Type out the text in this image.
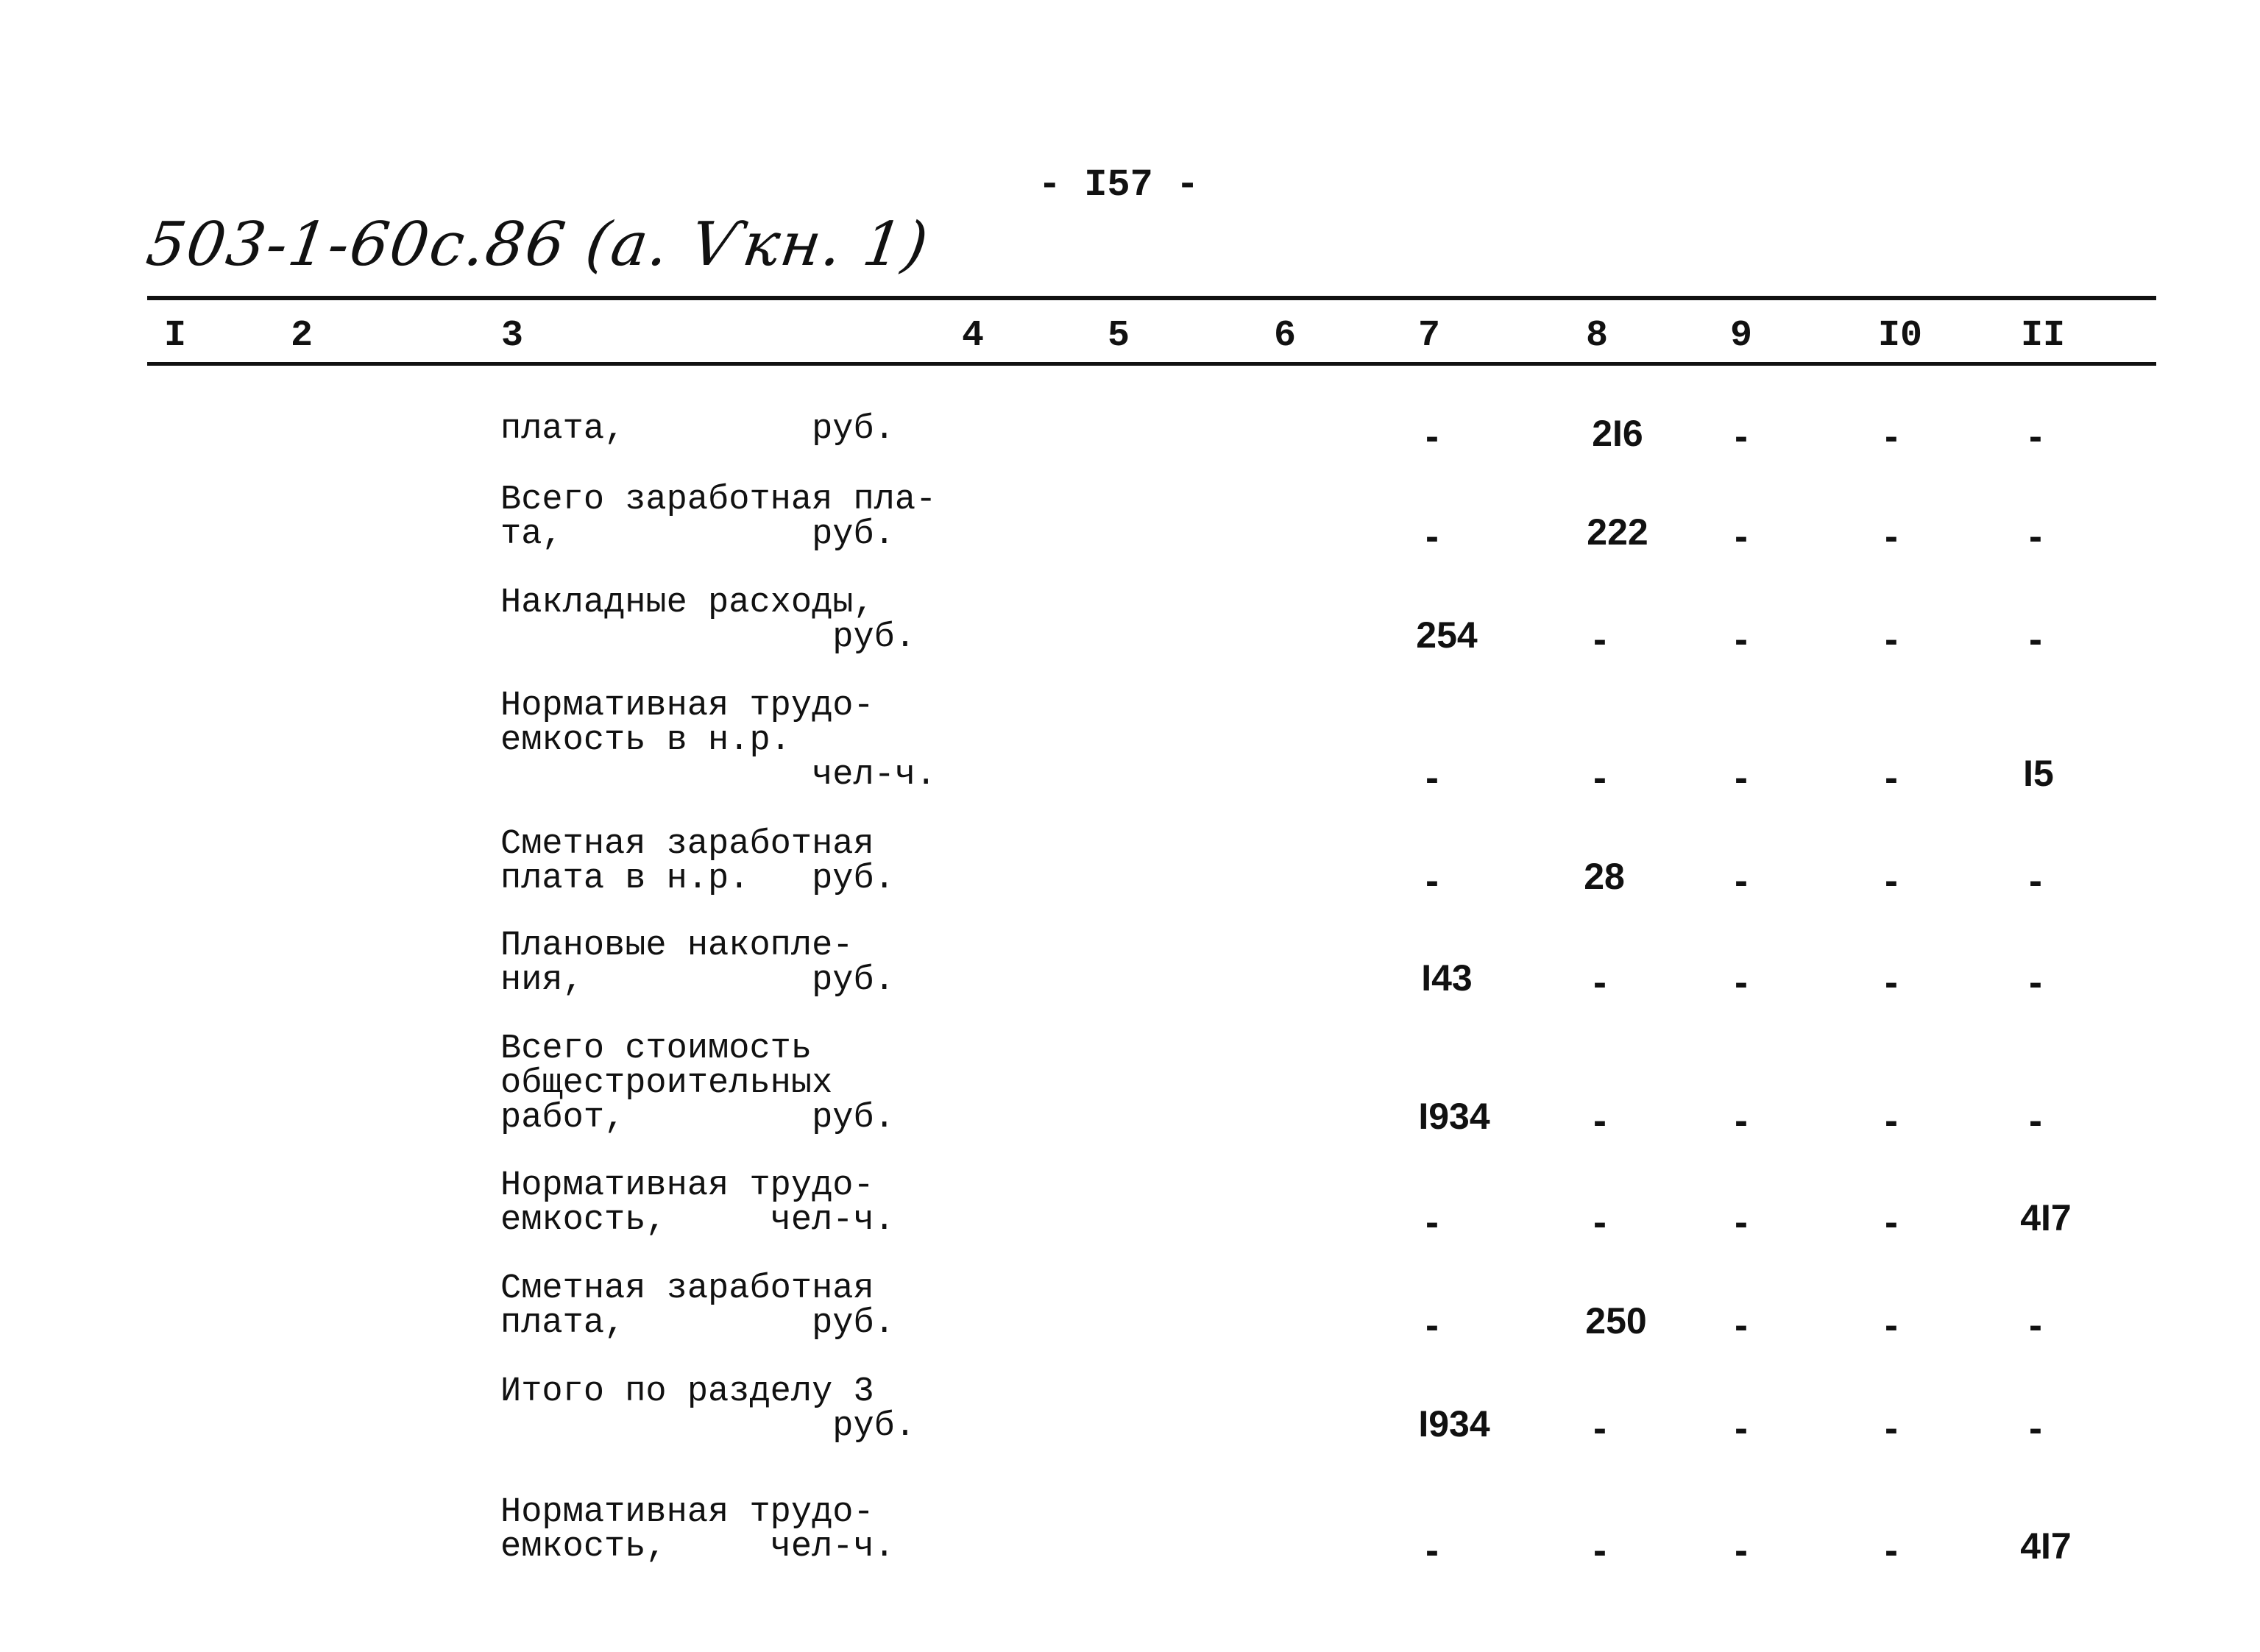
- I57 -
503-1-60с.86 (а. Ѵкн. 1)
I	2	3	4	5	6	7	8	9	I0	II
плата,         руб.	-	2I6	-	-	-
Всего заработная пла-
та,            руб.	-	222	-	-	-
Накладные расходы,
руб.	254	-	-	-	-
Нормативная трудо-
емкость в н.р.
чел-ч.	-	-	-	-	I5
Сметная заработная
плата в н.р.   руб.	-	28	-	-	-
Плановые накопле-
ния,           руб.	I43	-	-	-	-
Всего стоимость
общестроительных
работ,         руб.	I934	-	-	-	-
Нормативная трудо-
емкость,     чел-ч.	-	-	-	-	4I7
Сметная заработная
плата,         руб.	-	250	-	-	-
Итого по разделу 3
руб.	I934	-	-	-	-
Нормативная трудо-
емкость,     чел-ч.	-	-	-	-	4I7
